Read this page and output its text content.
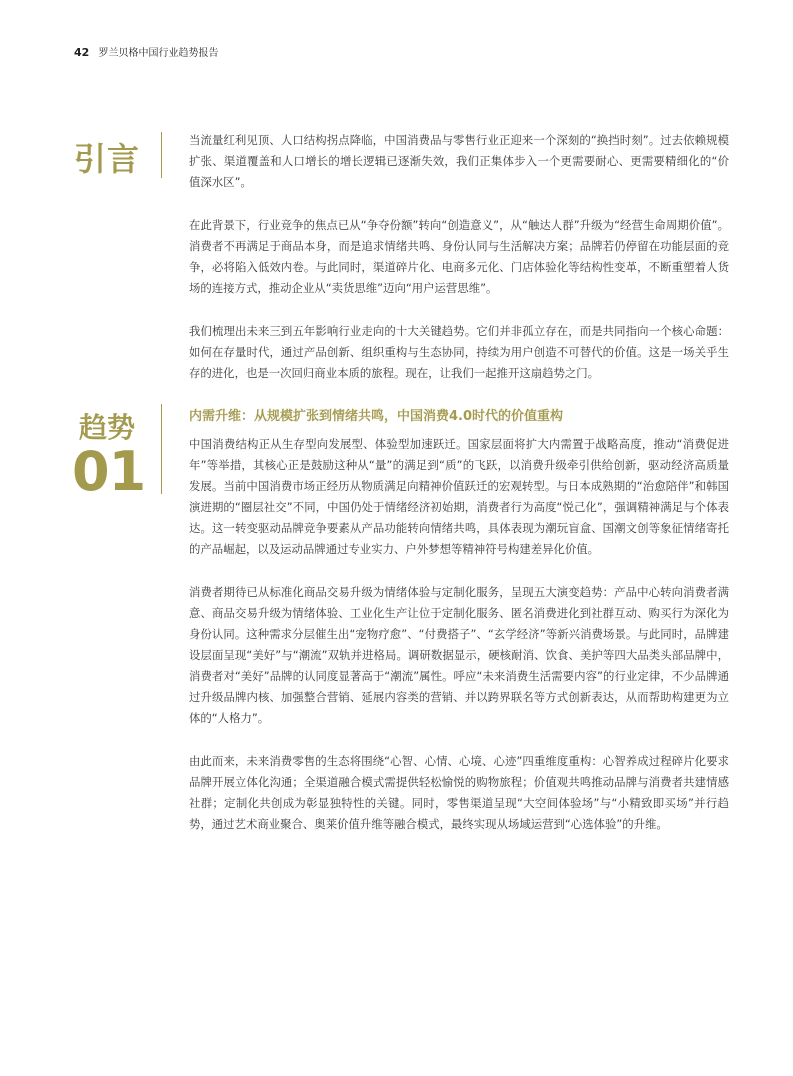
42 罗兰贝格中国行业趋势报告
引言	当流量红利见顶、人口结构拐点降临，中国消费品与零售行业正迎来一个深刻的“换挡时刻”。过去依赖规模扩张、渠道覆盖和人口增长的增长逻辑已逐渐失效，我们正集体步入一个更需要耐心、更需要精细化的“价值深水区”。

在此背景下，行业竞争的焦点已从“争夺份额”转向“创造意义”，从“触达人群”升级为“经营生命周期价值”。消费者不再满足于商品本身，而是追求情绪共鸣、身份认同与生活解决方案；品牌若仍停留在功能层面的竞争，必将陷入低效内卷。与此同时，渠道碎片化、电商多元化、门店体验化等结构性变革，不断重塑着人货场的连接方式，推动企业从“卖货思维”迈向“用户运营思维”。

我们梳理出未来三到五年影响行业走向的十大关键趋势。它们并非孤立存在，而是共同指向一个核心命题：如何在存量时代，通过产品创新、组织重构与生态协同，持续为用户创造不可替代的价值。这是一场关乎生存的进化，也是一次回归商业本质的旅程。现在，让我们一起推开这扇趋势之门。

趋势
01
内需升维：从规模扩张到情绪共鸣，中国消费4.0时代的价值重构

中国消费结构正从生存型向发展型、体验型加速跃迁。国家层面将扩大内需置于战略高度，推动“消费促进年”等举措，其核心正是鼓励这种从“量”的满足到“质”的飞跃，以消费升级牵引供给创新，驱动经济高质量发展。当前中国消费市场正经历从物质满足向精神价值跃迁的宏观转型。与日本成熟期的“治愈陪伴”和韩国演进期的“圈层社交”不同，中国仍处于情绪经济初始期，消费者行为高度“悦己化”，强调精神满足与个体表达。这一转变驱动品牌竞争要素从产品功能转向情绪共鸣，具体表现为潮玩盲盒、国潮文创等象征情绪寄托的产品崛起，以及运动品牌通过专业实力、户外梦想等精神符号构建差异化价值。

消费者期待已从标准化商品交易升级为情绪体验与定制化服务，呈现五大演变趋势：产品中心转向消费者满意、商品交易升级为情绪体验、工业化生产让位于定制化服务、匿名消费进化到社群互动、购买行为深化为身份认同。这种需求分层催生出“宠物疗愈”、“付费搭子”、“玄学经济”等新兴消费场景。与此同时，品牌建设层面呈现“美好”与“潮流”双轨并进格局。调研数据显示，硬核耐消、饮食、美护等四大品类头部品牌中，消费者对“美好”品牌的认同度显著高于“潮流”属性。呼应“未来消费生活需要内容”的行业定律，不少品牌通过升级品牌内核、加强整合营销、延展内容类的营销、并以跨界联名等方式创新表达，从而帮助构建更为立体的“人格力”。

由此而来，未来消费零售的生态将围绕“心智、心情、心境、心迹”四重维度重构：心智养成过程碎片化要求品牌开展立体化沟通；全渠道融合模式需提供轻松愉悦的购物旅程；价值观共鸣推动品牌与消费者共建情感社群；定制化共创成为彰显独特性的关键。同时，零售渠道呈现“大空间体验场”与“小精致即买场”并行趋势，通过艺术商业聚合、奥莱价值升维等融合模式，最终实现从场域运营到“心选体验”的升维。
